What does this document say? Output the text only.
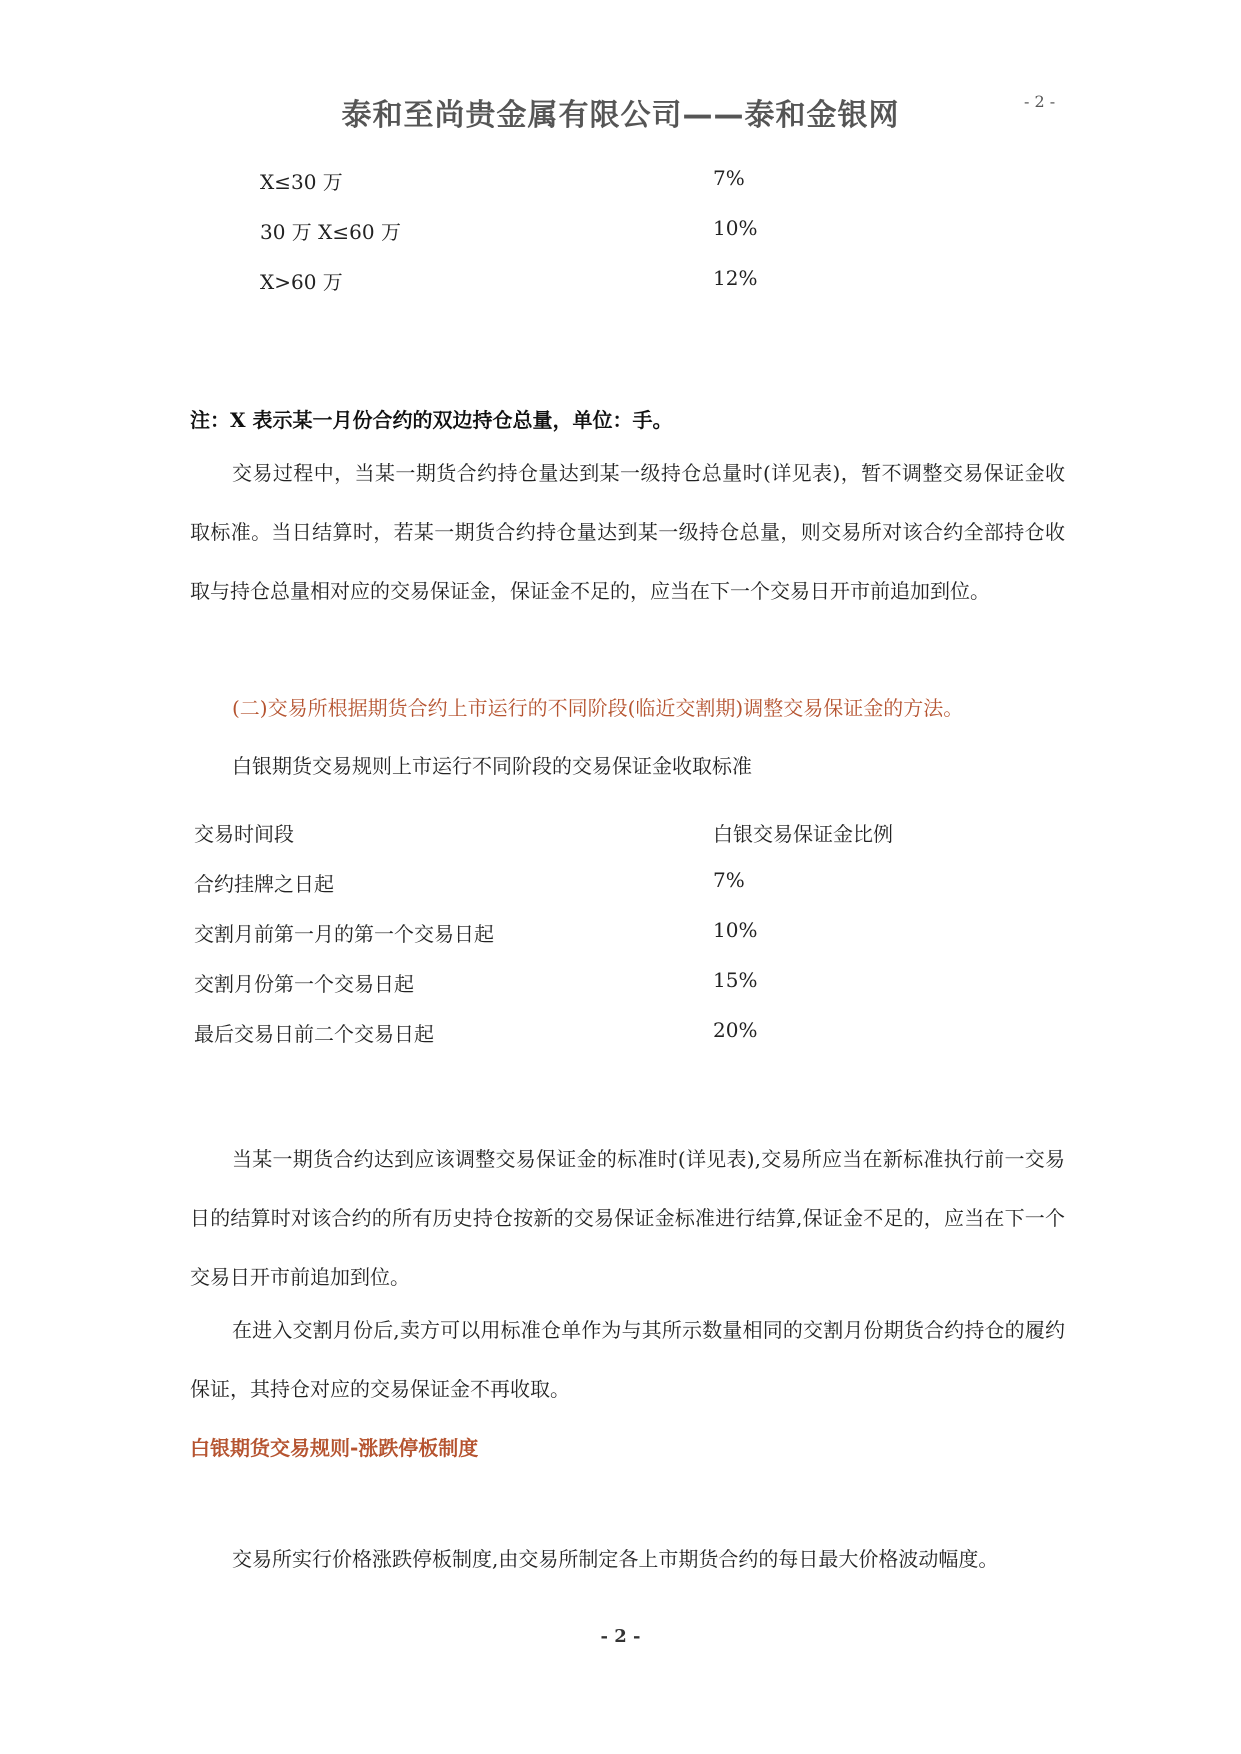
泰和至尚贵金属有限公司——泰和金银网	- 2 -
X≤30 万	7%
30 万 X≤60 万	10%
X>60 万	12%
注：X 表示某一月份合约的双边持仓总量，单位：手。
交易过程中，当某一期货合约持仓量达到某一级持仓总量时(详见表)，暂不调整交易保证金收取标准。当日结算时，若某一期货合约持仓量达到某一级持仓总量，则交易所对该合约全部持仓收取与持仓总量相对应的交易保证金，保证金不足的，应当在下一个交易日开市前追加到位。
(二)交易所根据期货合约上市运行的不同阶段(临近交割期)调整交易保证金的方法。
白银期货交易规则上市运行不同阶段的交易保证金收取标准
交易时间段	白银交易保证金比例
合约挂牌之日起	7%
交割月前第一月的第一个交易日起	10%
交割月份第一个交易日起	15%
最后交易日前二个交易日起	20%
当某一期货合约达到应该调整交易保证金的标准时(详见表),交易所应当在新标准执行前一交易日的结算时对该合约的所有历史持仓按新的交易保证金标准进行结算,保证金不足的，应当在下一个交易日开市前追加到位。
在进入交割月份后,卖方可以用标准仓单作为与其所示数量相同的交割月份期货合约持仓的履约保证，其持仓对应的交易保证金不再收取。
白银期货交易规则-涨跌停板制度
交易所实行价格涨跌停板制度,由交易所制定各上市期货合约的每日最大价格波动幅度。
- 2 -
